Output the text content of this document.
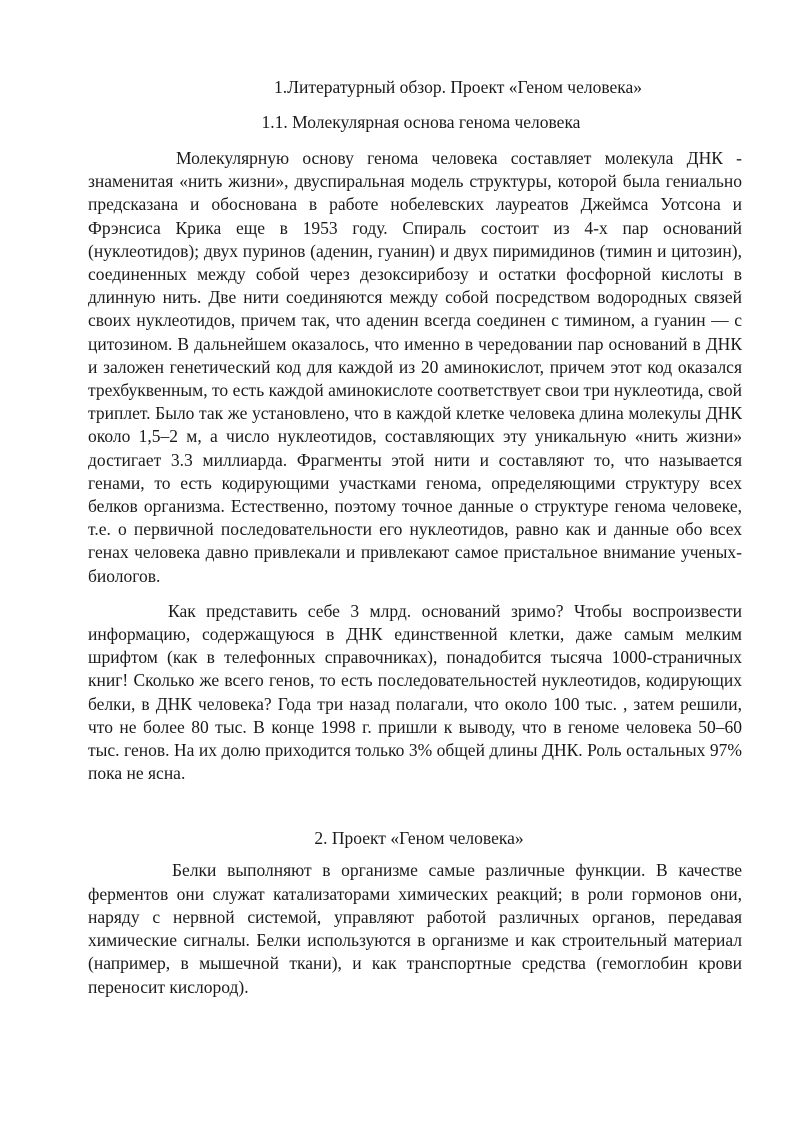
1.Литературный обзор. Проект «Геном человека»

1.1. Молекулярная основа генома человека

Молекулярную основу генома человека составляет молекула ДНК - знаменитая «нить жизни», двуспиральная модель структуры, которой была гениально предсказана и обоснована в работе нобелевских лауреатов Джеймса Уотсона и Фрэнсиса Крика еще в 1953 году. Спираль состоит из 4-х пар оснований (нуклеотидов); двух пуринов (аденин, гуанин) и двух пиримидинов (тимин и цитозин), соединенных между собой через дезоксирибозу и остатки фосфорной кислоты в длинную нить. Две нити соединяются между собой посредством водородных связей своих нуклеотидов, причем так, что аденин всегда соединен с тимином, а гуанин — с цитозином. В дальнейшем оказалось, что именно в чередовании пар оснований в ДНК и заложен генетический код для каждой из 20 аминокислот, причем этот код оказался трехбуквенным, то есть каждой аминокислоте соответствует свои три нуклеотида, свой триплет. Было так же установлено, что в каждой клетке человека длина молекулы ДНК около 1,5–2 м, а число нуклеотидов, составляющих эту уникальную «нить жизни» достигает 3.3 миллиарда. Фрагменты этой нити и составляют то, что называется генами, то есть кодирующими участками генома, определяющими структуру всех белков организма. Естественно, поэтому точное данные о структуре генома человеке, т.е. о первичной последовательности его нуклеотидов, равно как и данные обо всех генах человека давно привлекали и привлекают самое пристальное внимание ученых-биологов.

Как представить себе 3 млрд. оснований зримо? Чтобы воспроизвести информацию, содержащуюся в ДНК единственной клетки, даже самым мелким шрифтом (как в телефонных справочниках), понадобится тысяча 1000-страничных книг! Сколько же всего генов, то есть последовательностей нуклеотидов, кодирующих белки, в ДНК человека? Года три назад полагали, что около 100 тыс. , затем решили, что не более 80 тыс. В конце 1998 г. пришли к выводу, что в геноме человека 50–60 тыс. генов. На их долю приходится только 3% общей длины ДНК. Роль остальных 97% пока не ясна.

2. Проект «Геном человека»

Белки выполняют в организме самые различные функции. В качестве ферментов они служат катализаторами химических реакций; в роли гормонов они, наряду с нервной системой, управляют работой различных органов, передавая химические сигналы. Белки используются в организме и как строительный материал (например, в мышечной ткани), и как транспортные средства (гемоглобин крови переносит кислород).
